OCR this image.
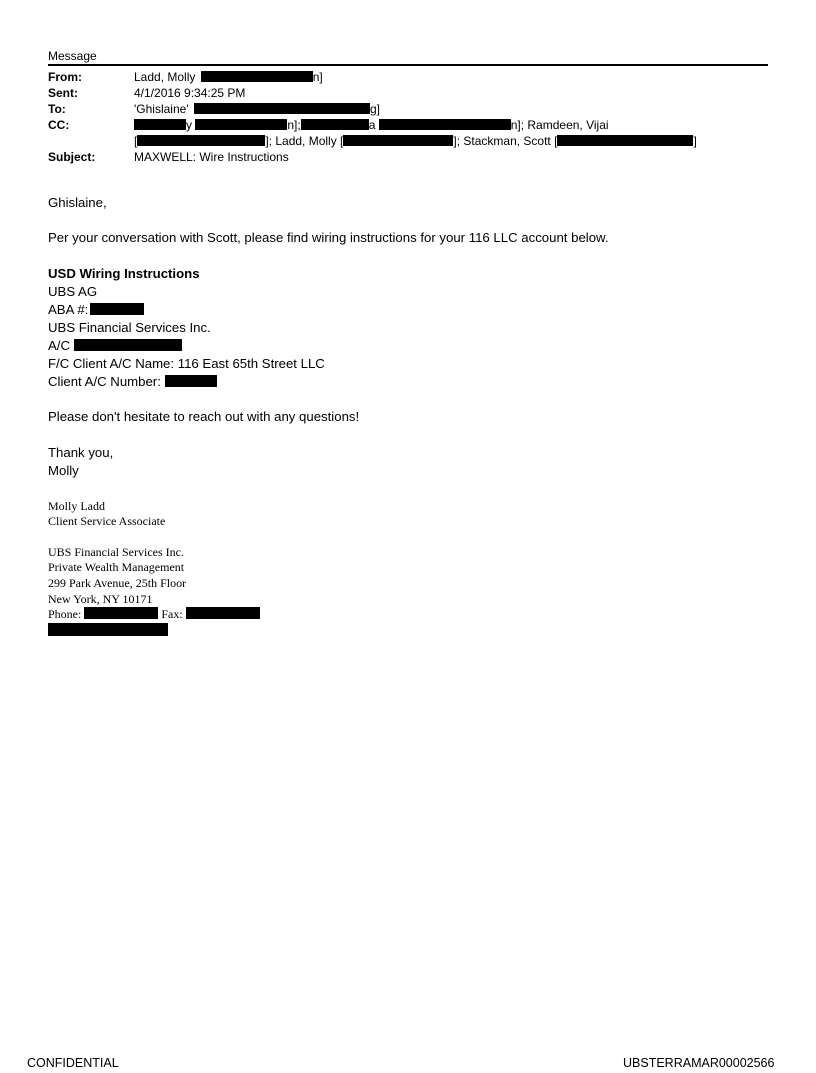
Message
From:	Ladd, Molly	n]
Sent:	4/1/2016 9:34:25 PM
To:	'Ghislaine'	g]
CC:	y	n];	a	n]; Ramdeen, Vijai
[	]; Ladd, Molly [	]; Stackman, Scott [	]
Subject:	MAXWELL: Wire Instructions
Ghislaine,
Per your conversation with Scott, please find wiring instructions for your 116 LLC account below.
USD Wiring Instructions
UBS AG
ABA #:
UBS Financial Services Inc.
A/C
F/C Client A/C Name: 116 East 65th Street LLC
Client A/C Number:
Please don't hesitate to reach out with any questions!
Thank you,
Molly
Molly Ladd
Client Service Associate
UBS Financial Services Inc.
Private Wealth Management
299 Park Avenue, 25th Floor
New York, NY 10171
Phone:	Fax:
CONFIDENTIAL	UBSTERRAMAR00002566
